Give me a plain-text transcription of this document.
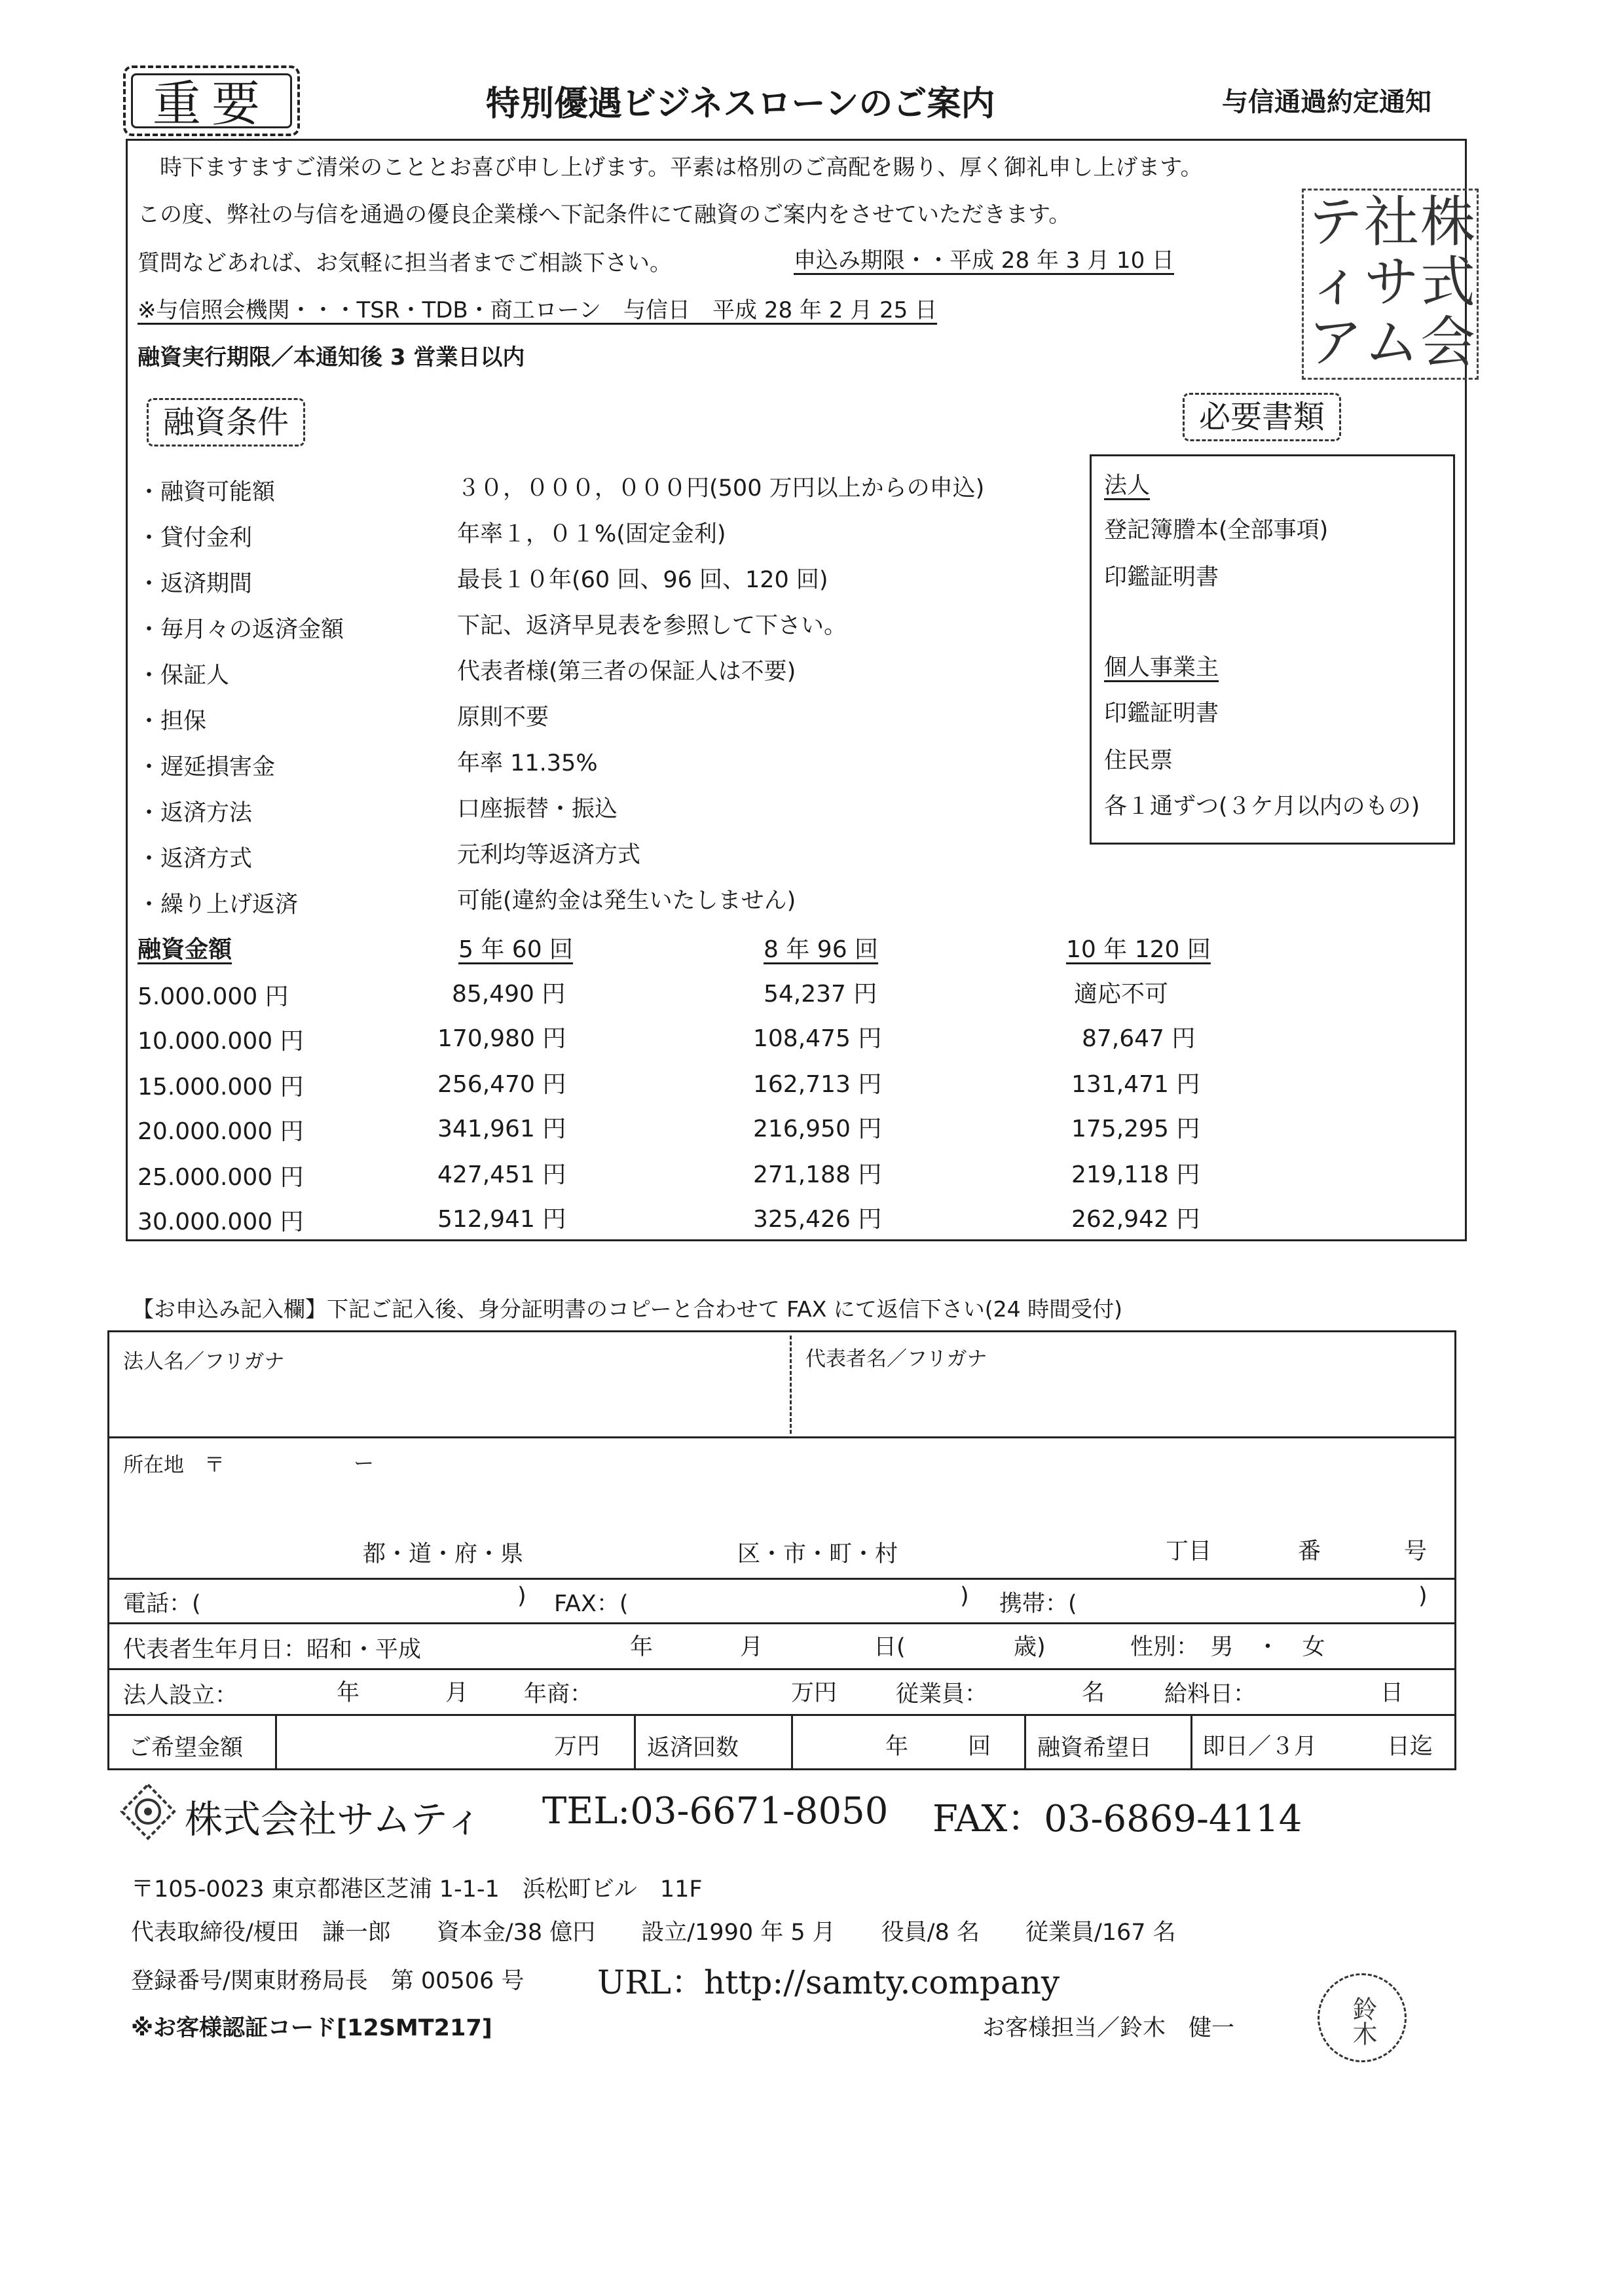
重要	特別優遇ビジネスローンのご案内	与信通過約定通知
時下ますますご清栄のこととお喜び申し上げます。平素は格別のご高配を賜り、厚く御礼申し上げます。
この度、弊社の与信を通過の優良企業様へ下記条件にて融資のご案内をさせていただきます。
質問などあれば、お気軽に担当者までご相談下さい。	申込み期限・・平成 28 年 3 月 10 日
※与信照会機関・・・TSR・TDB・商工ローン　与信日　平成 28 年 2 月 25 日
融資実行期限／本通知後 3 営業日以内
株
式
会
社
サ
ム
テ
ィ
ア
融資条件	必要書類
・融資可能額	３０，０００，０００円(500 万円以上からの申込)
・貸付金利	年率１，０１%(固定金利)
・返済期間	最長１０年(60 回、96 回、120 回)
・毎月々の返済金額	下記、返済早見表を参照して下さい。
・保証人	代表者様(第三者の保証人は不要)
・担保	原則不要
・遅延損害金	年率 11.35%
・返済方法	口座振替・振込
・返済方式	元利均等返済方式
・繰り上げ返済	可能(違約金は発生いたしません)
法人
登記簿謄本(全部事項)
印鑑証明書
個人事業主
印鑑証明書
住民票
各１通ずつ(３ケ月以内のもの)
融資金額	5 年 60 回	8 年 96 回	10 年 120 回
5.000.000 円	85,490 円	54,237 円	適応不可
10.000.000 円	170,980 円	108,475 円	87,647 円
15.000.000 円	256,470 円	162,713 円	131,471 円
20.000.000 円	341,961 円	216,950 円	175,295 円
25.000.000 円	427,451 円	271,188 円	219,118 円
30.000.000 円	512,941 円	325,426 円	262,942 円
【お申込み記入欄】下記ご記入後、身分証明書のコピーと合わせて FAX にて返信下さい(24 時間受付)
法人名／フリガナ	代表者名／フリガナ
所在地　〒	ー
都・道・府・県	区・市・町・村	丁目	番	号
電話：(	) FAX：(	) 携帯：(	)
代表者生年月日：昭和・平成	年	月	日(	歳)	性別：　男　・　女
法人設立：	年	月 年商：	万円	従業員：	名	給料日：	日
ご希望金額	万円 返済回数	年	回 融資希望日 即日／３月	日迄
株式会社サムティ TEL:03-6671-8050 FAX：03-6869-4114
〒105-0023 東京都港区芝浦 1-1-1　浜松町ビル　11F
代表取締役/榎田　謙一郎　　資本金/38 億円　　設立/1990 年 5 月　　役員/8 名　　従業員/167 名
登録番号/関東財務局長　第 00506 号 URL：http://samty.company
※お客様認証コード[12SMT217]	お客様担当／鈴木　健一	鈴木
